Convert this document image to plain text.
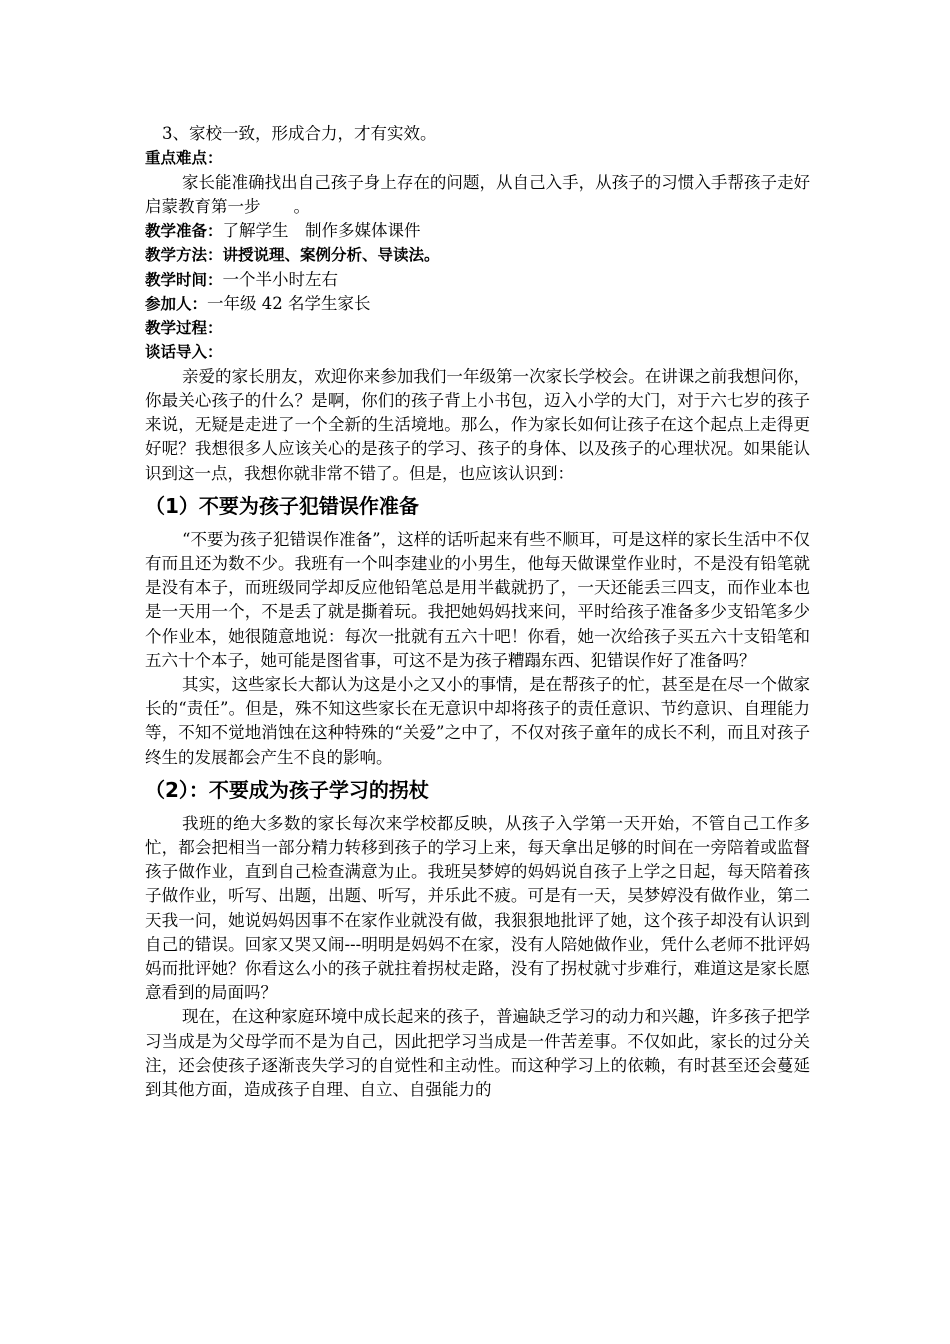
3、家校一致，形成合力，才有实效。

重点难点：

家长能准确找出自己孩子身上存在的问题，从自己入手，从孩子的习惯入手帮孩子走好启蒙教育第一步　　。

教学准备：了解学生　制作多媒体课件

教学方法：讲授说理、案例分析、导读法。

教学时间：一个半小时左右

参加人：一年级 42 名学生家长

教学过程：

谈话导入：

亲爱的家长朋友，欢迎你来参加我们一年级第一次家长学校会。在讲课之前我想问你，你最关心孩子的什么？是啊，你们的孩子背上小书包，迈入小学的大门，对于六七岁的孩子来说，无疑是走进了一个全新的生活境地。那么，作为家长如何让孩子在这个起点上走得更好呢？我想很多人应该关心的是孩子的学习、孩子的身体、以及孩子的心理状况。如果能认识到这一点，我想你就非常不错了。但是，也应该认识到：

（1）不要为孩子犯错误作准备

“不要为孩子犯错误作准备”，这样的话听起来有些不顺耳，可是这样的家长生活中不仅有而且还为数不少。我班有一个叫李建业的小男生，他每天做课堂作业时，不是没有铅笔就是没有本子，而班级同学却反应他铅笔总是用半截就扔了，一天还能丢三四支，而作业本也是一天用一个，不是丢了就是撕着玩。我把她妈妈找来问，平时给孩子准备多少支铅笔多少个作业本，她很随意地说：每次一批就有五六十吧！你看，她一次给孩子买五六十支铅笔和五六十个本子，她可能是图省事，可这不是为孩子糟蹋东西、犯错误作好了准备吗？

其实，这些家长大都认为这是小之又小的事情，是在帮孩子的忙，甚至是在尽一个做家长的“责任”。但是，殊不知这些家长在无意识中却将孩子的责任意识、节约意识、自理能力等，不知不觉地消蚀在这种特殊的“关爱”之中了，不仅对孩子童年的成长不利，而且对孩子终生的发展都会产生不良的影响。

（2）：不要成为孩子学习的拐杖

我班的绝大多数的家长每次来学校都反映，从孩子入学第一天开始，不管自己工作多忙，都会把相当一部分精力转移到孩子的学习上来，每天拿出足够的时间在一旁陪着或监督孩子做作业，直到自己检查满意为止。我班吴梦婷的妈妈说自孩子上学之日起，每天陪着孩子做作业，听写、出题，出题、听写，并乐此不疲。可是有一天，吴梦婷没有做作业，第二天我一问，她说妈妈因事不在家作业就没有做，我狠狠地批评了她，这个孩子却没有认识到自己的错误。回家又哭又闹---明明是妈妈不在家，没有人陪她做作业，凭什么老师不批评妈妈而批评她？你看这么小的孩子就拄着拐杖走路，没有了拐杖就寸步难行，难道这是家长愿意看到的局面吗？

现在，在这种家庭环境中成长起来的孩子，普遍缺乏学习的动力和兴趣，许多孩子把学习当成是为父母学而不是为自己，因此把学习当成是一件苦差事。不仅如此，家长的过分关注，还会使孩子逐渐丧失学习的自觉性和主动性。而这种学习上的依赖，有时甚至还会蔓延到其他方面，造成孩子自理、自立、自强能力的
